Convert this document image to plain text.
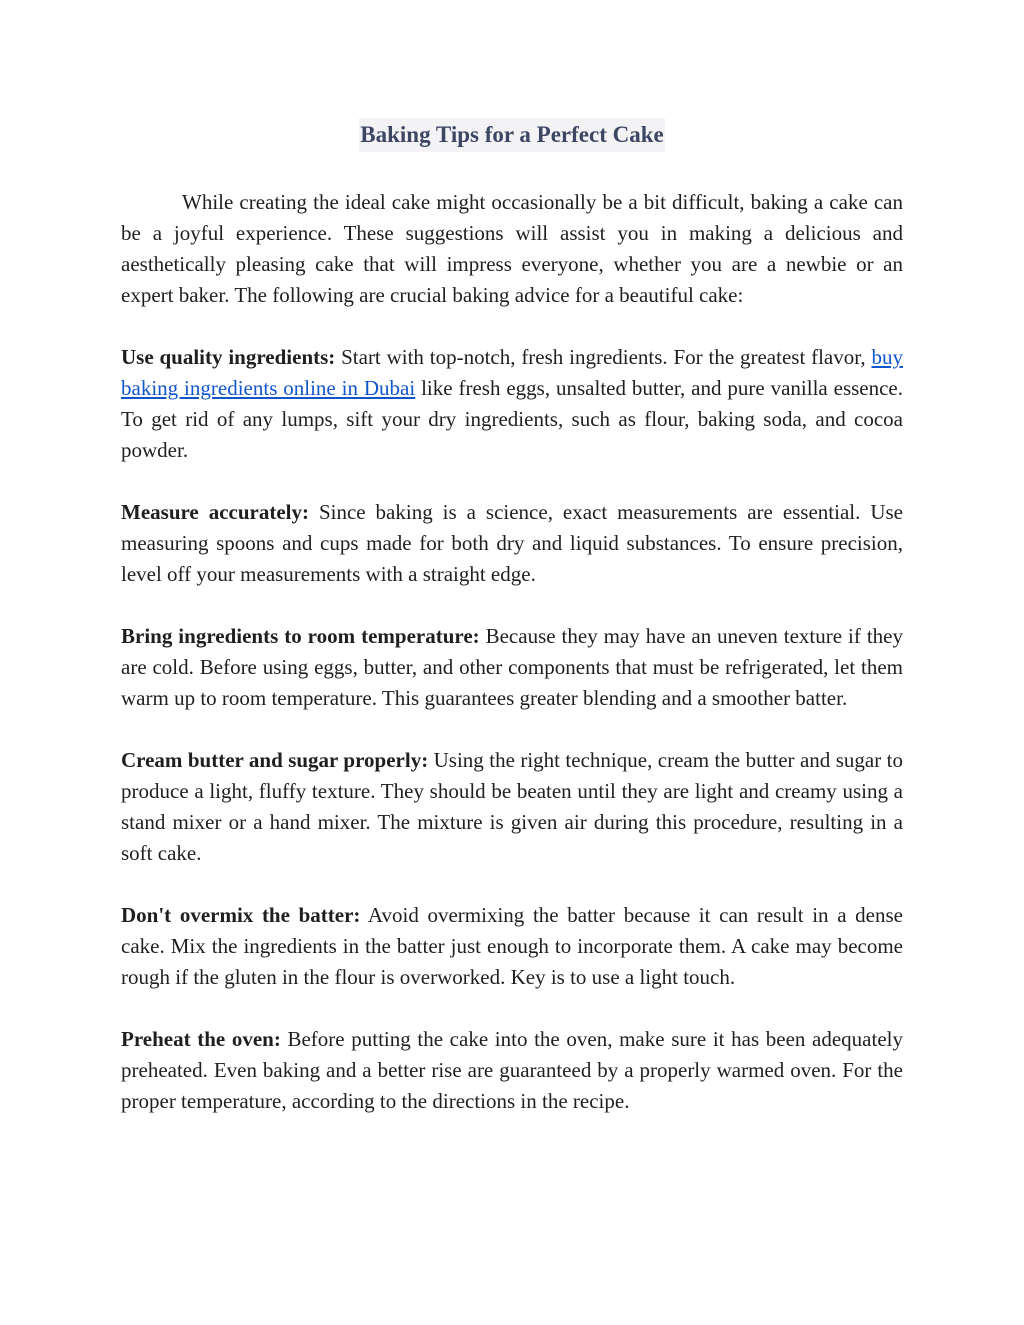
Baking Tips for a Perfect Cake

While creating the ideal cake might occasionally be a bit difficult, baking a cake can be a joyful experience. These suggestions will assist you in making a delicious and aesthetically pleasing cake that will impress everyone, whether you are a newbie or an expert baker. The following are crucial baking advice for a beautiful cake:

Use quality ingredients: Start with top-notch, fresh ingredients. For the greatest flavor, buy baking ingredients online in Dubai like fresh eggs, unsalted butter, and pure vanilla essence. To get rid of any lumps, sift your dry ingredients, such as flour, baking soda, and cocoa powder.

Measure accurately: Since baking is a science, exact measurements are essential. Use measuring spoons and cups made for both dry and liquid substances. To ensure precision, level off your measurements with a straight edge.

Bring ingredients to room temperature: Because they may have an uneven texture if they are cold. Before using eggs, butter, and other components that must be refrigerated, let them warm up to room temperature. This guarantees greater blending and a smoother batter.

Cream butter and sugar properly: Using the right technique, cream the butter and sugar to produce a light, fluffy texture. They should be beaten until they are light and creamy using a stand mixer or a hand mixer. The mixture is given air during this procedure, resulting in a soft cake.

Don't overmix the batter: Avoid overmixing the batter because it can result in a dense cake. Mix the ingredients in the batter just enough to incorporate them. A cake may become rough if the gluten in the flour is overworked. Key is to use a light touch.

Preheat the oven: Before putting the cake into the oven, make sure it has been adequately preheated. Even baking and a better rise are guaranteed by a properly warmed oven. For the proper temperature, according to the directions in the recipe.
